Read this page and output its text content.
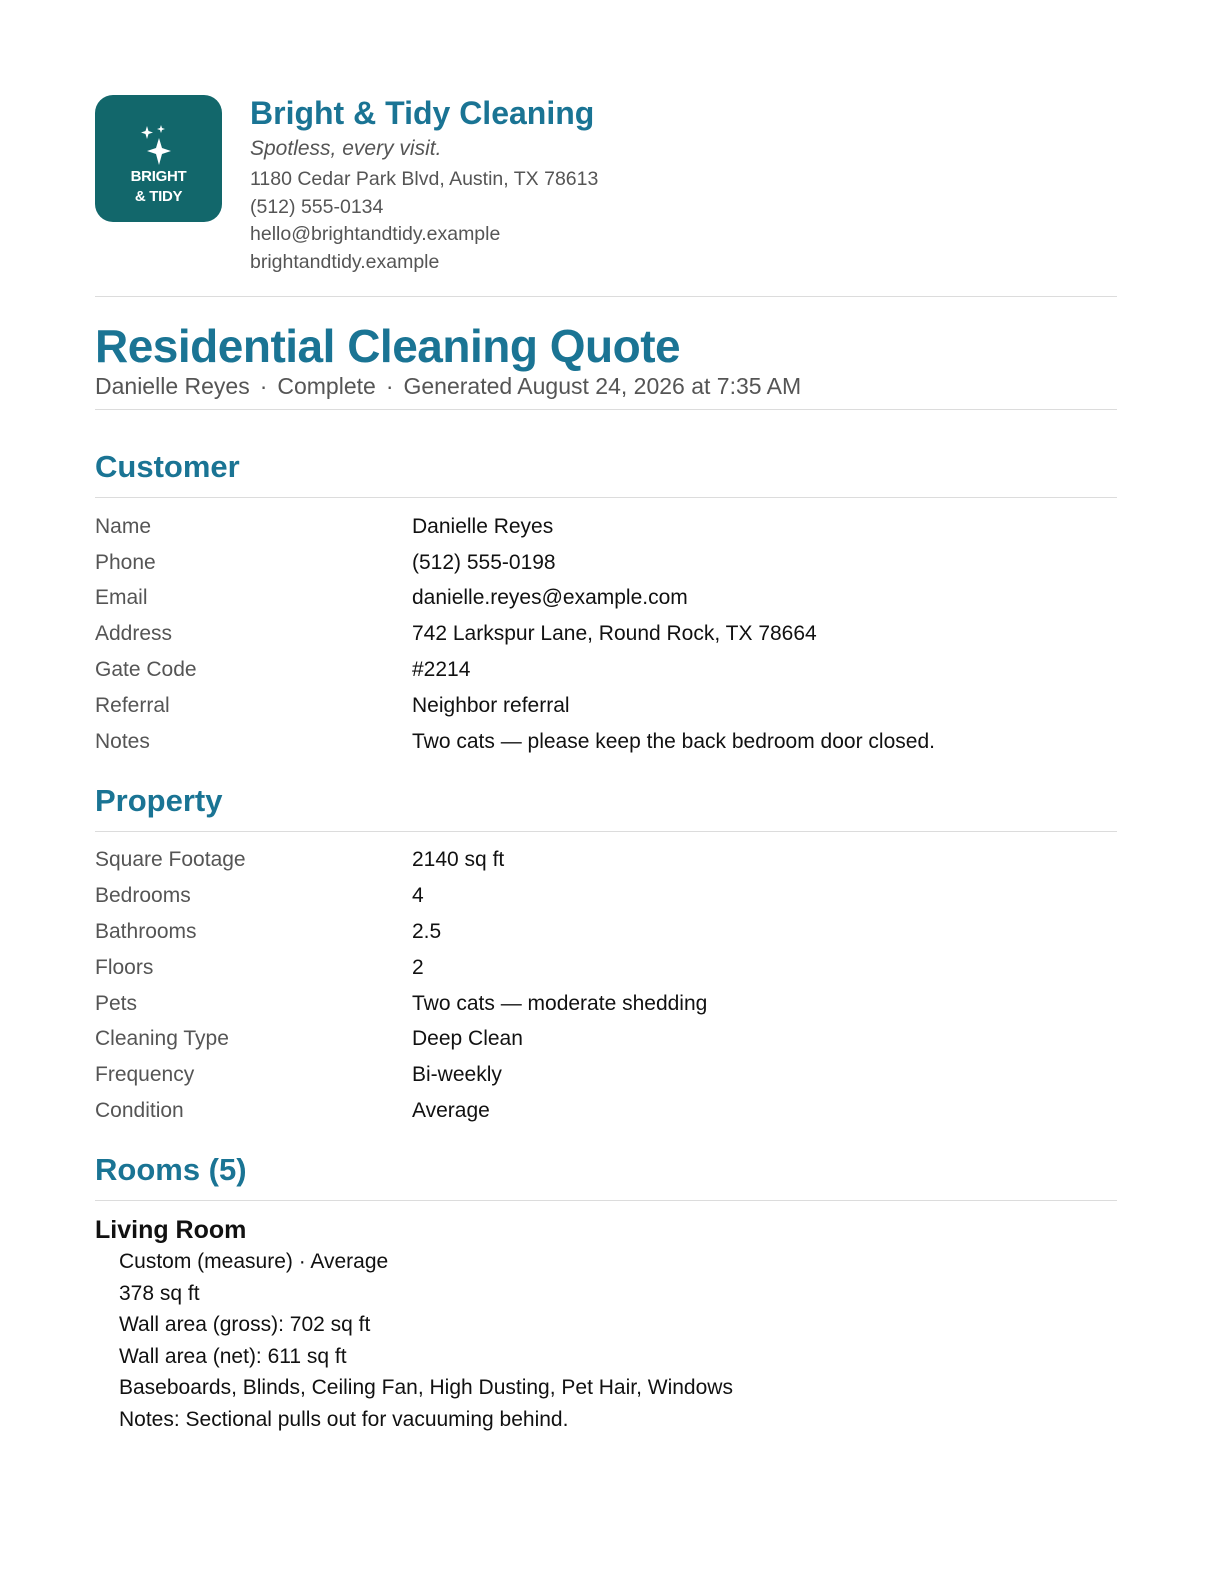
BRIGHT
& TIDY
Bright & Tidy Cleaning
Spotless, every visit.
1180 Cedar Park Blvd, Austin, TX 78613
(512) 555-0134
hello@brightandtidy.example
brightandtidy.example
Residential Cleaning Quote
Danielle Reyes · Complete · Generated August 24, 2026 at 7:35 AM
Customer
Name	Danielle Reyes
Phone	(512) 555-0198
Email	danielle.reyes@example.com
Address	742 Larkspur Lane, Round Rock, TX 78664
Gate Code	#2214
Referral	Neighbor referral
Notes	Two cats — please keep the back bedroom door closed.
Property
Square Footage	2140 sq ft
Bedrooms	4
Bathrooms	2.5
Floors	2
Pets	Two cats — moderate shedding
Cleaning Type	Deep Clean
Frequency	Bi-weekly
Condition	Average
Rooms (5)
Living Room
Custom (measure) · Average
378 sq ft
Wall area (gross): 702 sq ft
Wall area (net): 611 sq ft
Baseboards, Blinds, Ceiling Fan, High Dusting, Pet Hair, Windows
Notes: Sectional pulls out for vacuuming behind.
